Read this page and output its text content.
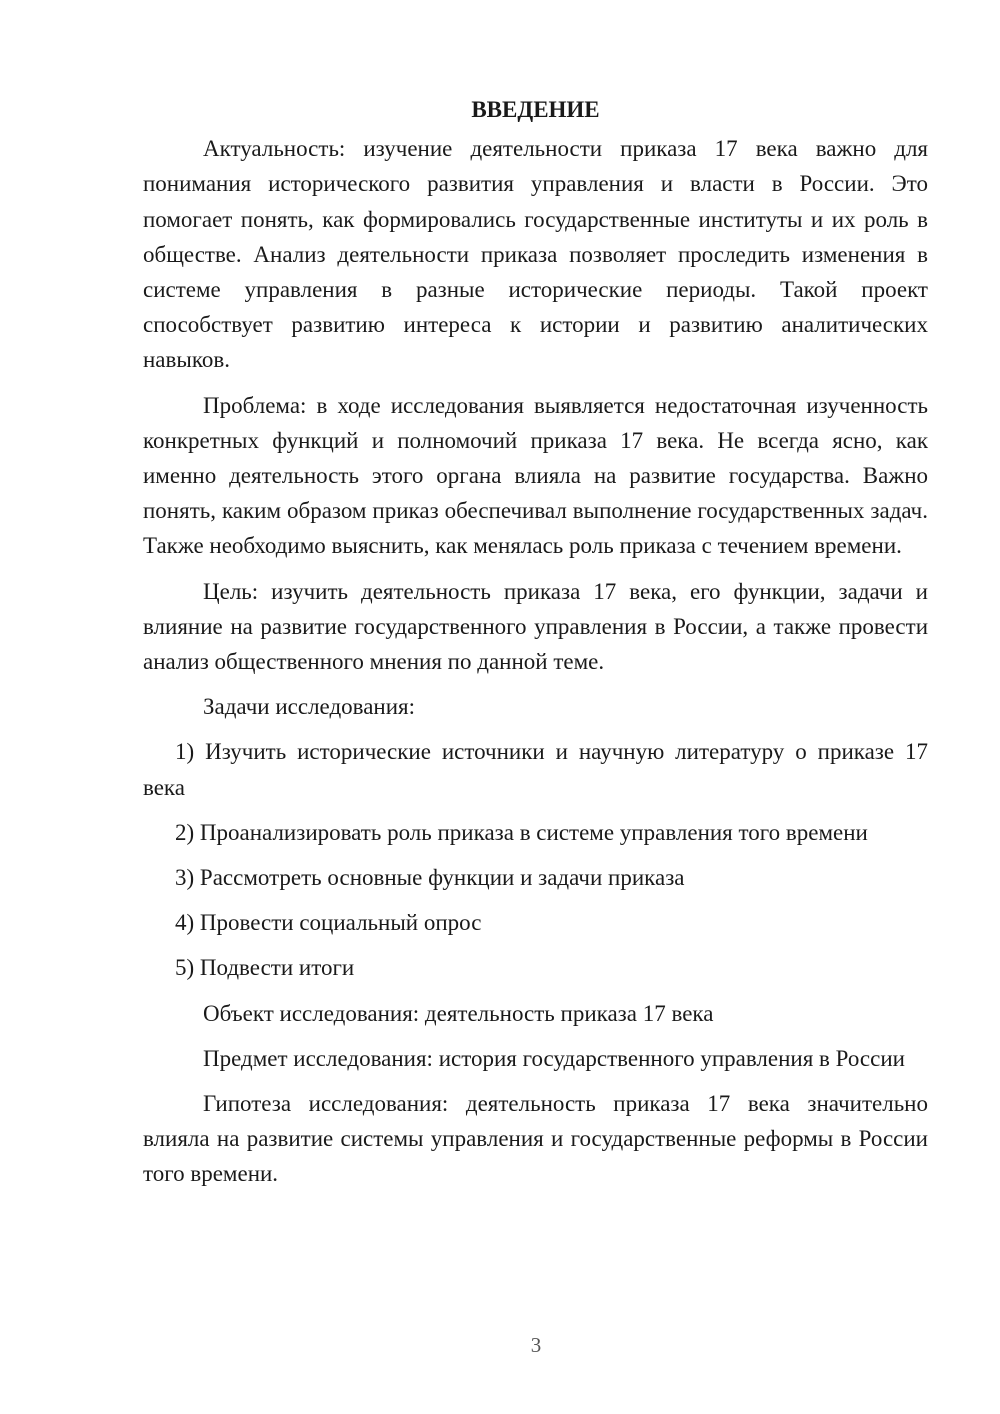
ВВЕДЕНИЕ

Актуальность: изучение деятельности приказа 17 века важно для понимания исторического развития управления и власти в России. Это помогает понять, как формировались государственные институты и их роль в обществе. Анализ деятельности приказа позволяет проследить изменения в системе управления в разные исторические периоды. Такой проект способствует развитию интереса к истории и развитию аналитических навыков.

Проблема: в ходе исследования выявляется недостаточная изученность конкретных функций и полномочий приказа 17 века. Не всегда ясно, как именно деятельность этого органа влияла на развитие государства. Важно понять, каким образом приказ обеспечивал выполнение государственных задач. Также необходимо выяснить, как менялась роль приказа с течением времени.

Цель: изучить деятельность приказа 17 века, его функции, задачи и влияние на развитие государственного управления в России, а также провести анализ общественного мнения по данной теме.

Задачи исследования:

1) Изучить исторические источники и научную литературу о приказе 17 века

2) Проанализировать роль приказа в системе управления того времени

3) Рассмотреть основные функции и задачи приказа

4) Провести социальный опрос

5) Подвести итоги

Объект исследования: деятельность приказа 17 века

Предмет исследования: история государственного управления в России

Гипотеза исследования: деятельность приказа 17 века значительно влияла на развитие системы управления и государственные реформы в России того времени.

3
